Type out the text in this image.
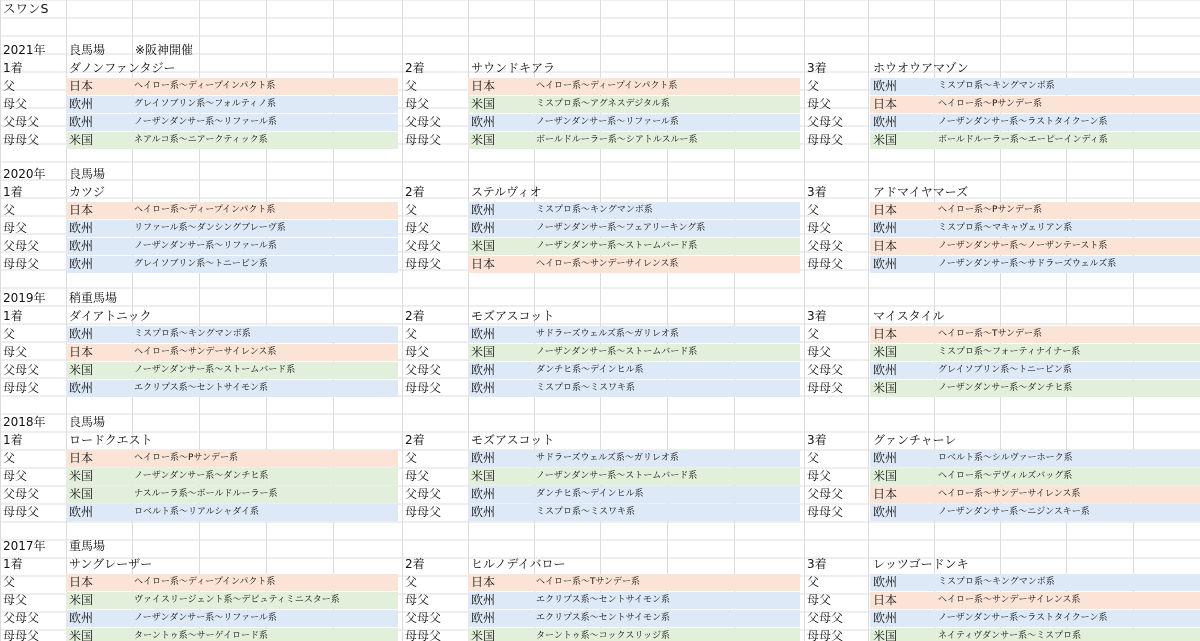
スワンS
2021年	良馬場	※阪神開催
1着	ダノンファンタジー	2着	サウンドキアラ	3着	ホウオウアマゾン
父	日本	ヘイロー系～ディープインパクト系	父	日本	ヘイロー系～ディープインパクト系	父	欧州	ミスプロ系～キングマンボ系
母父	欧州	グレイソブリン系～フォルティノ系	母父	米国	ミスプロ系～アグネスデジタル系	母父	日本	ヘイロー系～Pサンデー系
父母父	欧州	ノーザンダンサー系～リファール系	父母父	欧州	ノーザンダンサー系～リファール系	父母父	欧州	ノーザンダンサー系～ラストタイクーン系
母母父	米国	ネアルコ系～ニアークティック系	母母父	米国	ボールドルーラー系～シアトルスルー系	母母父	米国	ボールドルーラー系～エーピーインディ系
2020年	良馬場
1着	カツジ	2着	ステルヴィオ	3着	アドマイヤマーズ
父	日本	ヘイロー系～ディープインパクト系	父	欧州	ミスプロ系～キングマンボ系	父	日本	ヘイロー系～Pサンデー系
母父	欧州	リファール系～ダンシングブレーヴ系	母父	欧州	ノーザンダンサー系～フェアリーキング系	母父	欧州	ミスプロ系～マキャヴェリアン系
父母父	欧州	ノーザンダンサー系～リファール系	父母父	米国	ノーザンダンサー系～ストームバード系	父母父	日本	ノーザンダンサー系～ノーザンテースト系
母母父	欧州	グレイソブリン系～トニービン系	母母父	日本	ヘイロー系～サンデーサイレンス系	母母父	欧州	ノーザンダンサー系～サドラーズウェルズ系
2019年	稍重馬場
1着	ダイアトニック	2着	モズアスコット	3着	マイスタイル
父	欧州	ミスプロ系～キングマンボ系	父	欧州	サドラーズウェルズ系～ガリレオ系	父	日本	ヘイロー系～Tサンデー系
母父	日本	ヘイロー系～サンデーサイレンス系	母父	米国	ノーザンダンサー系～ストームバード系	母父	米国	ミスプロ系～フォーティナイナー系
父母父	米国	ノーザンダンサー系～ストームバード系	父母父	欧州	ダンチヒ系～デインヒル系	父母父	欧州	グレイソブリン系～トニービン系
母母父	欧州	エクリプス系～セントサイモン系	母母父	欧州	ミスプロ系～ミスワキ系	母母父	米国	ノーザンダンサー系～ダンチヒ系
2018年	良馬場
1着	ロードクエスト	2着	モズアスコット	3着	グァンチャーレ
父	日本	ヘイロー系～Pサンデー系	父	欧州	サドラーズウェルズ系～ガリレオ系	父	欧州	ロベルト系～シルヴァーホーク系
母父	米国	ノーザンダンサー系～ダンチヒ系	母父	米国	ノーザンダンサー系～ストームバード系	母父	米国	ヘイロー系～デヴィルズバッグ系
父母父	米国	ナスルーラ系～ボールドルーラー系	父母父	欧州	ダンチヒ系～デインヒル系	父母父	日本	ヘイロー系～サンデーサイレンス系
母母父	欧州	ロベルト系～リアルシャダイ系	母母父	欧州	ミスプロ系～ミスワキ系	母母父	欧州	ノーザンダンサー系～ニジンスキー系
2017年	重馬場
1着	サングレーザー	2着	ヒルノデイバロー	3着	レッツゴードンキ
父	日本	ヘイロー系～ディープインパクト系	父	日本	ヘイロー系～Tサンデー系	父	欧州	ミスプロ系～キングマンボ系
母父	米国	ヴァイスリージェント系～デピュティミニスター系	母父	欧州	エクリプス系～セントサイモン系	母父	日本	ヘイロー系～サンデーサイレンス系
父母父	欧州	ノーザンダンサー系～リファール系	父母父	欧州	エクリプス系～セントサイモン系	父母父	欧州	ノーザンダンサー系～ラストタイクーン系
母母父	米国	ターントゥ系～サーゲイロード系	母母父	米国	ターントゥ系～コックスリッジ系	母母父	米国	ネイティヴダンサー系～ミスプロ系
